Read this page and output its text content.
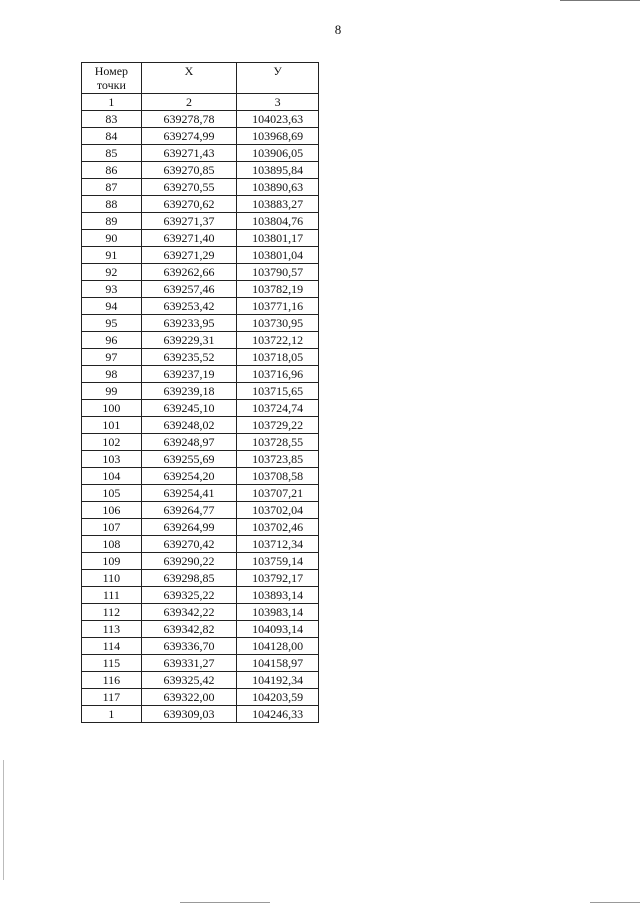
8
Номер точки	X	У
1	2	3
83	639278,78	104023,63
84	639274,99	103968,69
85	639271,43	103906,05
86	639270,85	103895,84
87	639270,55	103890,63
88	639270,62	103883,27
89	639271,37	103804,76
90	639271,40	103801,17
91	639271,29	103801,04
92	639262,66	103790,57
93	639257,46	103782,19
94	639253,42	103771,16
95	639233,95	103730,95
96	639229,31	103722,12
97	639235,52	103718,05
98	639237,19	103716,96
99	639239,18	103715,65
100	639245,10	103724,74
101	639248,02	103729,22
102	639248,97	103728,55
103	639255,69	103723,85
104	639254,20	103708,58
105	639254,41	103707,21
106	639264,77	103702,04
107	639264,99	103702,46
108	639270,42	103712,34
109	639290,22	103759,14
110	639298,85	103792,17
111	639325,22	103893,14
112	639342,22	103983,14
113	639342,82	104093,14
114	639336,70	104128,00
115	639331,27	104158,97
116	639325,42	104192,34
117	639322,00	104203,59
1	639309,03	104246,33
